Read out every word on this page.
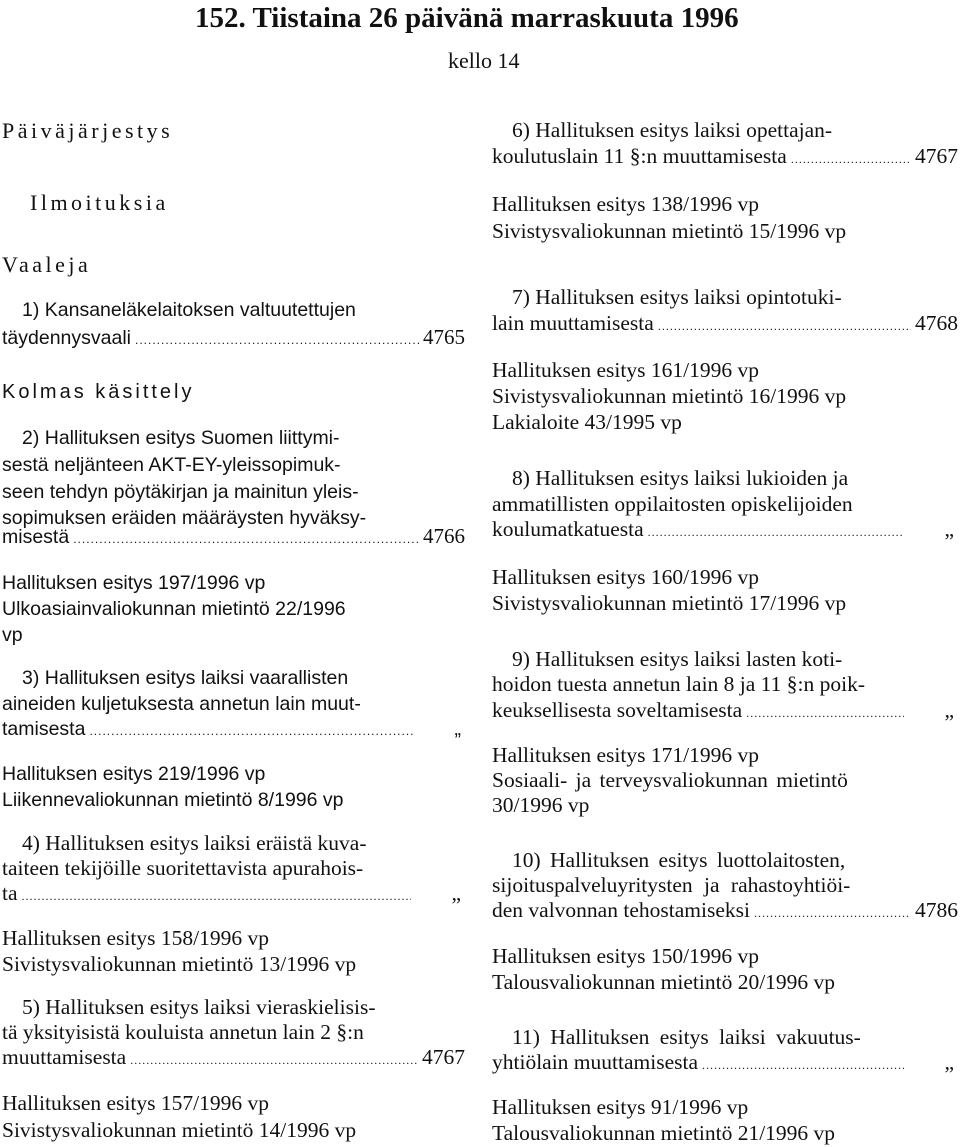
152. Tiistaina 26 päivänä marraskuuta 1996
kello 14
Päiväjärjestys
Ilmoituksia
Vaaleja
1) Kansaneläkelaitoksen valtuutettujen
täydennysvaali .....	4765
Kolmas käsittely
2) Hallituksen esitys Suomen liittymi-
sestä neljänteen AKT-EY-yleissopimuk-
seen tehdyn pöytäkirjan ja mainitun yleis-
sopimuksen eräiden määräysten hyväksy-
misestä .....	4766
Hallituksen esitys 197/1996 vp
Ulkoasiainvaliokunnan mietintö 22/1996
vp
3) Hallituksen esitys laiksi vaarallisten
aineiden kuljetuksesta annetun lain muut-
tamisesta .....	„
Hallituksen esitys 219/1996 vp
Liikennevaliokunnan mietintö 8/1996 vp
4) Hallituksen esitys laiksi eräistä kuva-
taiteen tekijöille suoritettavista apurahois-
ta .....	„
Hallituksen esitys 158/1996 vp
Sivistysvaliokunnan mietintö 13/1996 vp
5) Hallituksen esitys laiksi vieraskielisis-
tä yksityisistä kouluista annetun lain 2 §:n
muuttamisesta .....	4767
Hallituksen esitys 157/1996 vp
Sivistysvaliokunnan mietintö 14/1996 vp
6) Hallituksen esitys laiksi opettajan-
koulutuslain 11 §:n muuttamisesta .....	4767
Hallituksen esitys 138/1996 vp
Sivistysvaliokunnan mietintö 15/1996 vp
7) Hallituksen esitys laiksi opintotuki-
lain muuttamisesta .....	4768
Hallituksen esitys 161/1996 vp
Sivistysvaliokunnan mietintö 16/1996 vp
Lakialoite 43/1995 vp
8) Hallituksen esitys laiksi lukioiden ja
ammatillisten oppilaitosten opiskelijoiden
koulumatkatuesta .....	„
Hallituksen esitys 160/1996 vp
Sivistysvaliokunnan mietintö 17/1996 vp
9) Hallituksen esitys laiksi lasten koti-
hoidon tuesta annetun lain 8 ja 11 §:n poik-
keuksellisesta soveltamisesta .....	„
Hallituksen esitys 171/1996 vp
Sosiaali- ja terveysvaliokunnan mietintö
30/1996 vp
10) Hallituksen esitys luottolaitosten,
sijoituspalveluyritysten ja rahastoyhtiöi-
den valvonnan tehostamiseksi .....	4786
Hallituksen esitys 150/1996 vp
Talousvaliokunnan mietintö 20/1996 vp
11) Hallituksen esitys laiksi vakuutus-
yhtiölain muuttamisesta .....	„
Hallituksen esitys 91/1996 vp
Talousvaliokunnan mietintö 21/1996 vp
